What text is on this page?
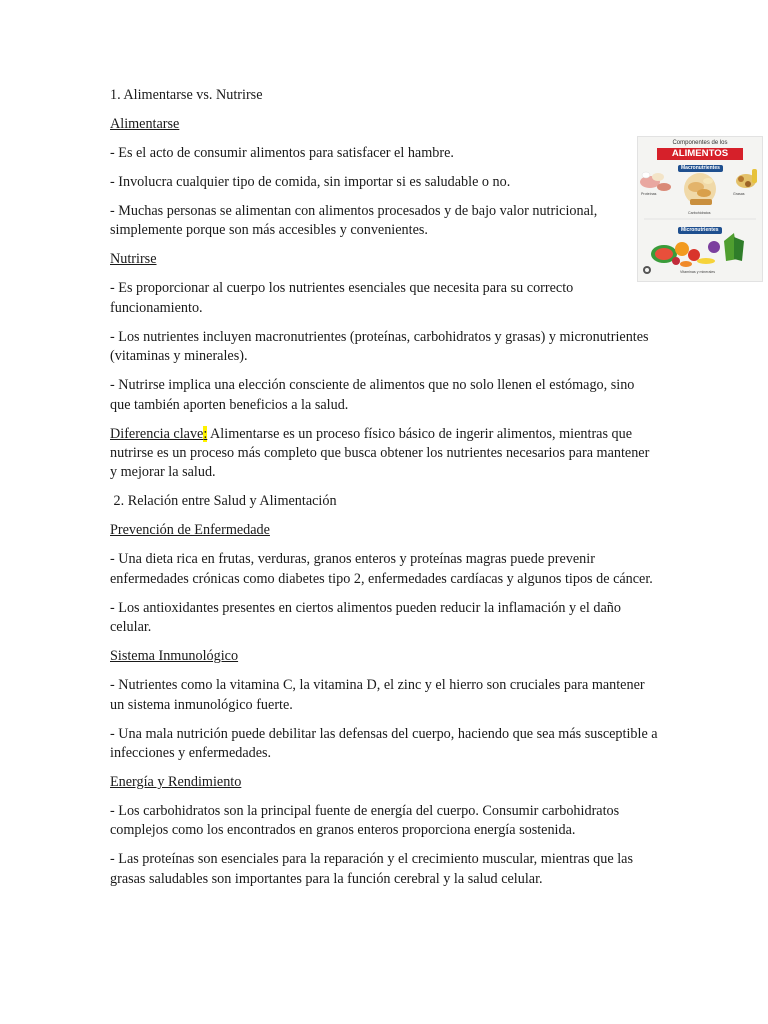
1. Alimentarse vs. Nutrirse

Alimentarse

- Es el acto de consumir alimentos para satisfacer el hambre.

- Involucra cualquier tipo de comida, sin importar si es saludable o no.

- Muchas personas se alimentan con alimentos procesados y de bajo valor nutricional, simplemente porque son más accesibles y convenientes.

Nutrirse

- Es proporcionar al cuerpo los nutrientes esenciales que necesita para su correcto funcionamiento.

- Los nutrientes incluyen macronutrientes (proteínas, carbohidratos y grasas) y micronutrientes (vitaminas y minerales).

- Nutrirse implica una elección consciente de alimentos que no solo llenen el estómago, sino que también aporten beneficios a la salud.

Diferencia clave: Alimentarse es un proceso físico básico de ingerir alimentos, mientras que nutrirse es un proceso más completo que busca obtener los nutrientes necesarios para mantener y mejorar la salud.

2. Relación entre Salud y Alimentación

Prevención de Enfermedade

- Una dieta rica en frutas, verduras, granos enteros y proteínas magras puede prevenir enfermedades crónicas como diabetes tipo 2, enfermedades cardíacas y algunos tipos de cáncer.

- Los antioxidantes presentes en ciertos alimentos pueden reducir la inflamación y el daño celular.

Sistema Inmunológico

- Nutrientes como la vitamina C, la vitamina D, el zinc y el hierro son cruciales para mantener un sistema inmunológico fuerte.

- Una mala nutrición puede debilitar las defensas del cuerpo, haciendo que sea más susceptible a infecciones y enfermedades.

Energía y Rendimiento

- Los carbohidratos son la principal fuente de energía del cuerpo. Consumir carbohidratos complejos como los encontrados en granos enteros proporciona energía sostenida.

- Las proteínas son esenciales para la reparación y el crecimiento muscular, mientras que las grasas saludables son importantes para la función cerebral y la salud celular.

Componentes de los
ALIMENTOS
Macronutrientes
Proteínas	Grasas
Carbohidratos
Micronutrientes
Vitaminas y minerales
